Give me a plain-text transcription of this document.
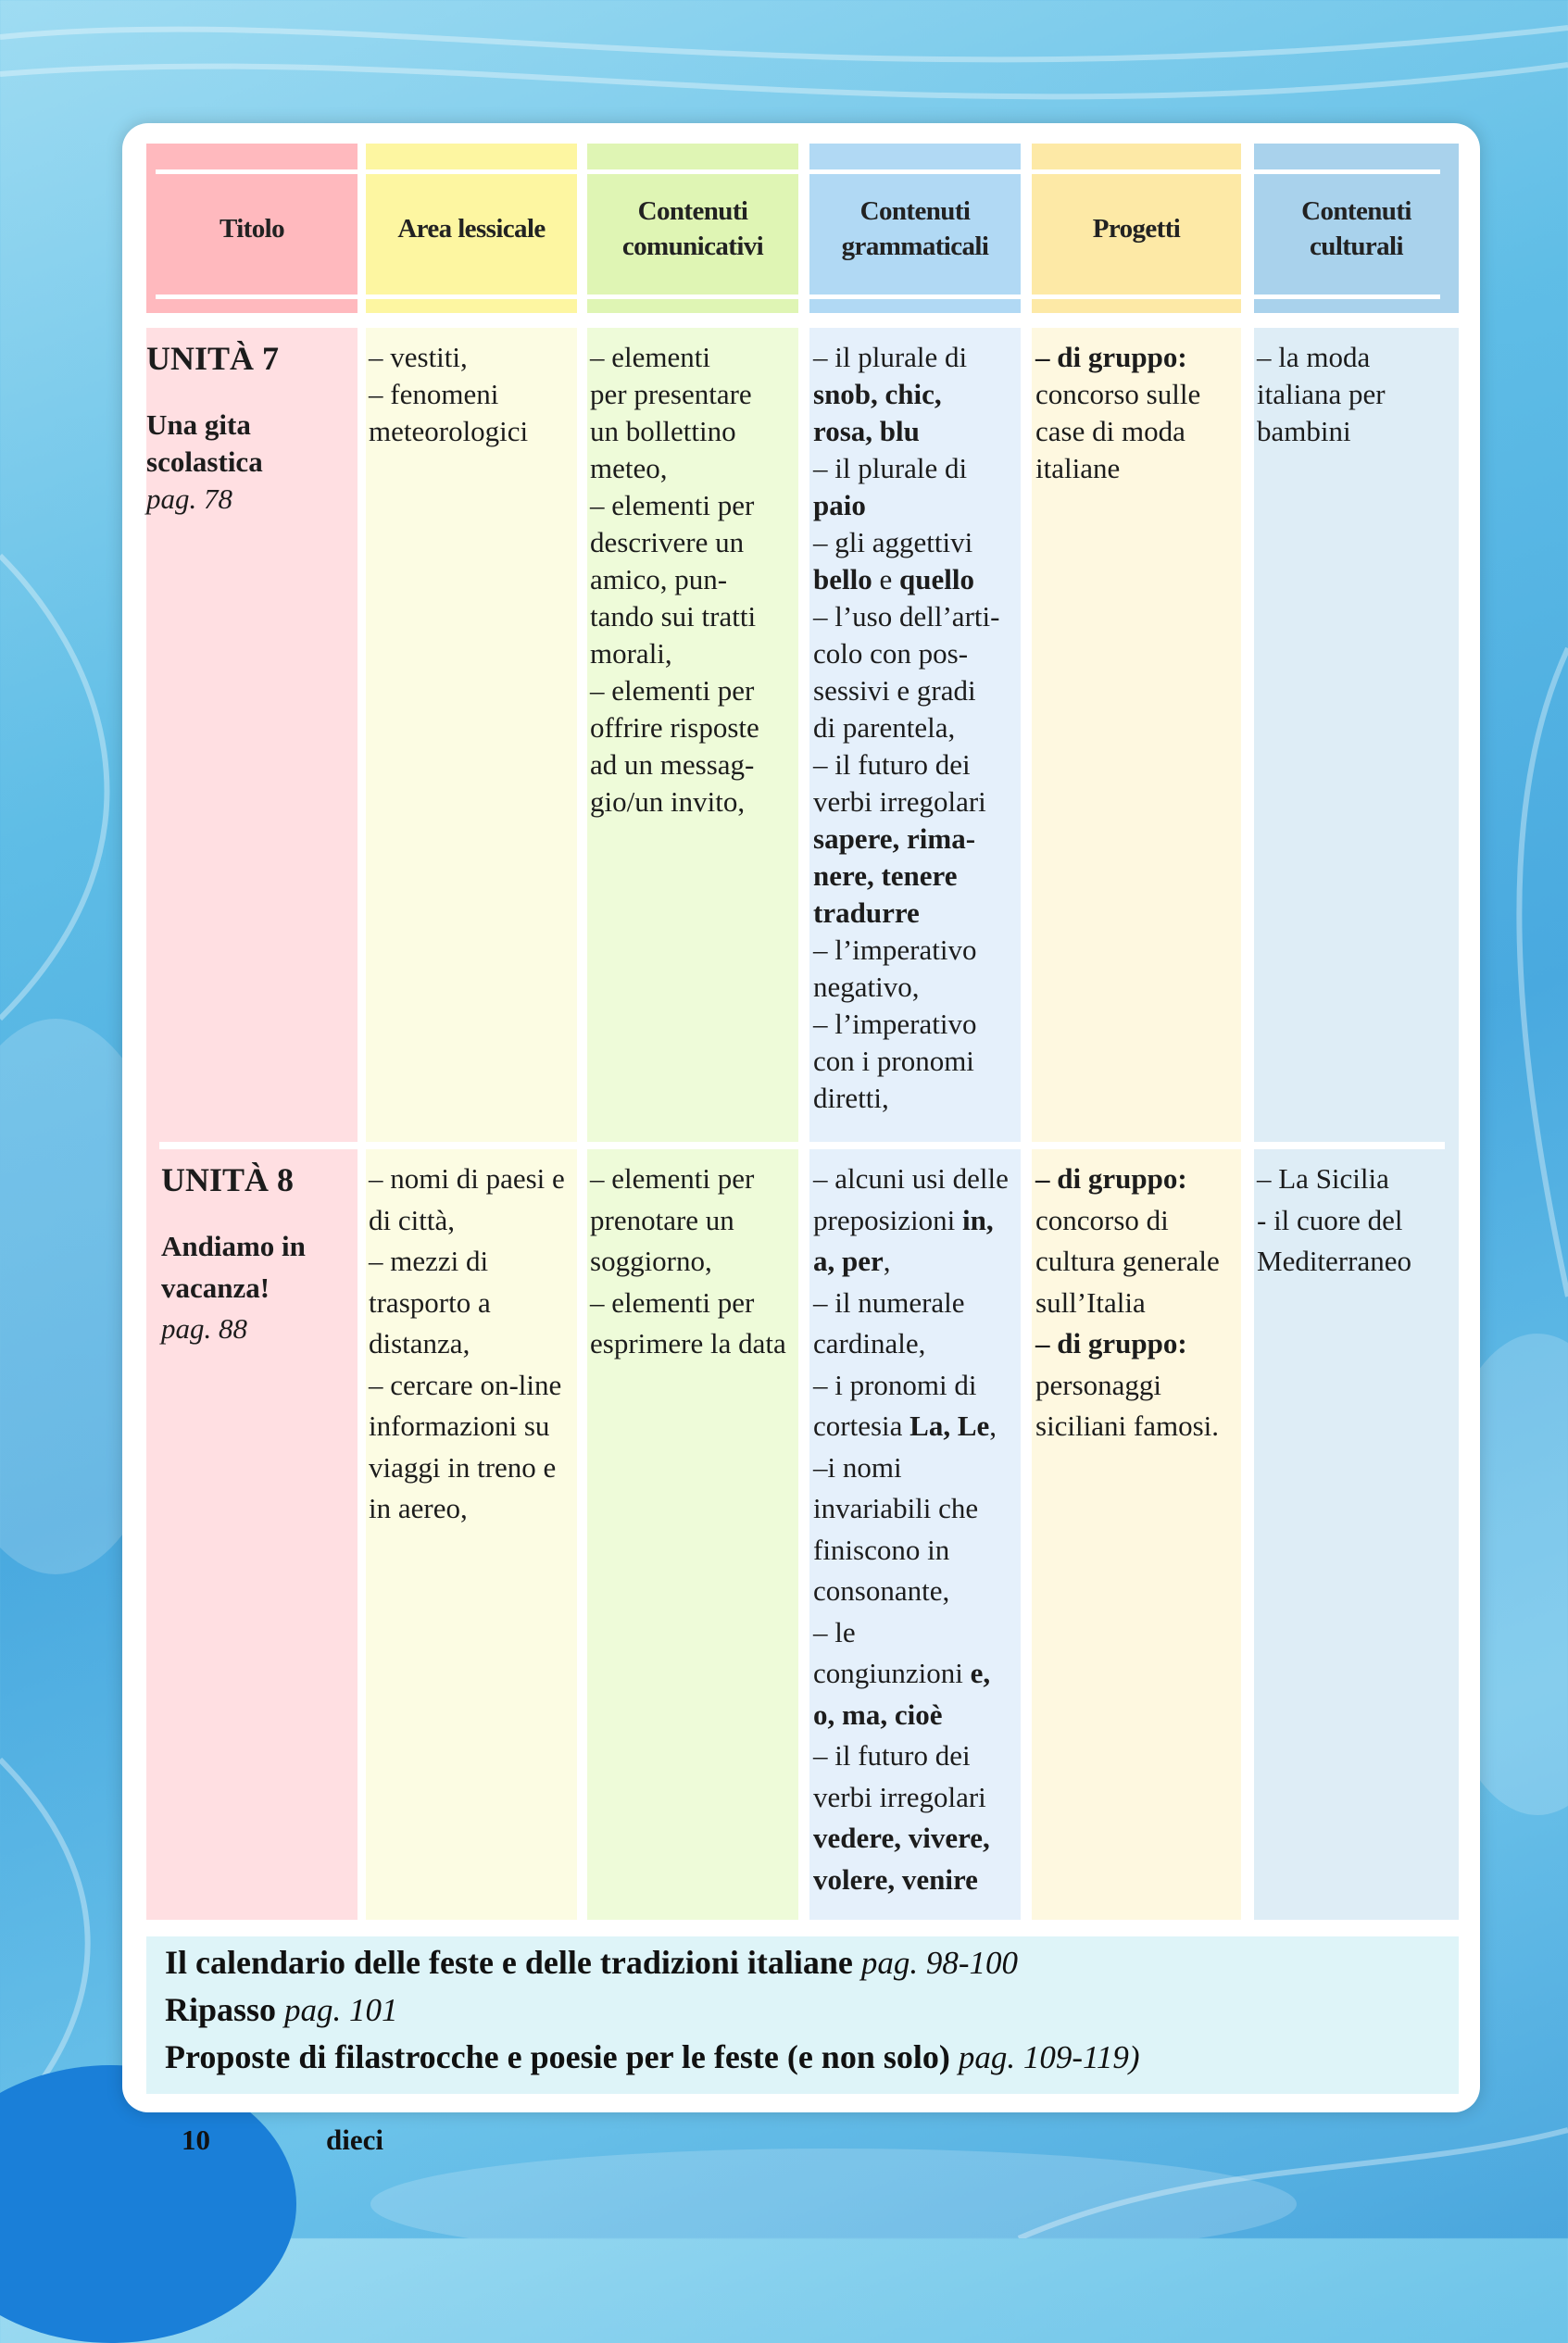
Titolo	Area lessicale
Contenuti
comunicativi
Contenuti
grammaticali
Progetti
Contenuti culturali
UNITÀ 7
Una gita
scolastica
pag. 78
– vestiti,
– fenomeni
meteorologici
– elementi
per presentare
un bollettino
meteo,
– elementi per
descrivere un
amico, pun-
tando sui tratti
morali,
– elementi per
offrire risposte
ad un messag-
gio/un invito,
– il plurale di
snob, chic,
rosa, blu
– il plurale di
paio
– gli aggettivi
bello e quello
– l’uso dell’arti-
colo con pos-
sessivi e gradi
di parentela,
– il futuro dei
verbi irregolari
sapere, rima-
nere, tenere
tradurre
– l’imperativo
negativo,
– l’imperativo
con i pronomi
diretti,
– di gruppo:
concorso sulle
case di moda
italiane
– la moda
italiana per
bambini
UNITÀ 8
Andiamo in
vacanza!
pag. 88
– nomi di paesi e
di città,
– mezzi di
trasporto a
distanza,
– cercare on-line
informazioni su
viaggi in treno e
in aereo,
– elementi per
prenotare un
soggiorno,
– elementi per
esprimere la data
– alcuni usi delle
preposizioni in,
a, per,
– il numerale
cardinale,
– i pronomi di
cortesia La, Le,
–i nomi
invariabili che
finiscono in
consonante,
– le
congiunzioni e,
o, ma, cioè
– il futuro dei
verbi irregolari
vedere, vivere,
volere, venire
– di gruppo:
concorso di
cultura generale
sull’Italia
– di gruppo:
personaggi
siciliani famosi.
– La Sicilia
- il cuore del
Mediterraneo
Il calendario delle feste e delle tradizioni italiane pag. 98-100
Ripasso pag. 101
Proposte di filastrocche e poesie per le feste (e non solo) pag. 109-119)
10	dieci
